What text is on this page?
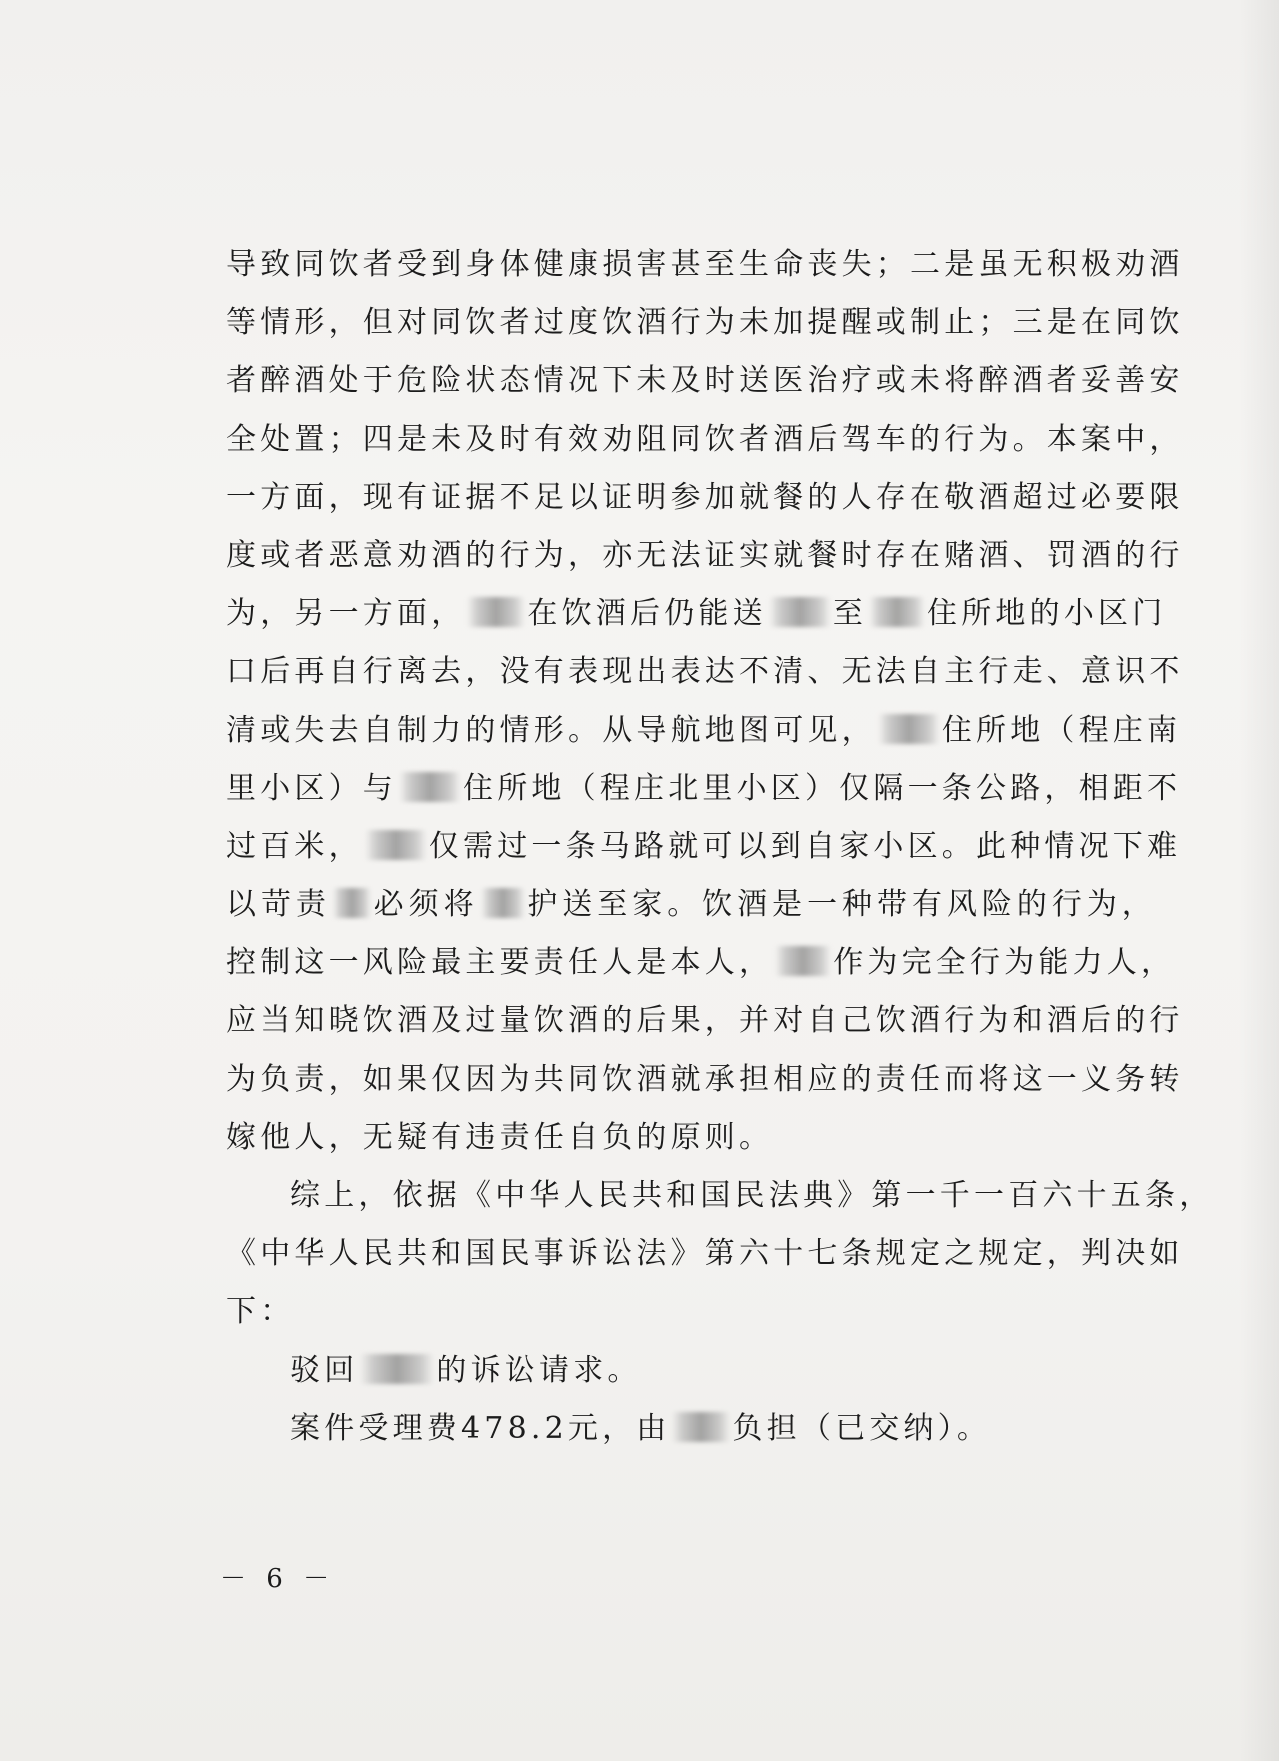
导致同饮者受到身体健康损害甚至生命丧失；二是虽无积极劝酒
等情形，但对同饮者过度饮酒行为未加提醒或制止；三是在同饮
者醉酒处于危险状态情况下未及时送医治疗或未将醉酒者妥善安
全处置；四是未及时有效劝阻同饮者酒后驾车的行为。本案中，
一方面，现有证据不足以证明参加就餐的人存在敬酒超过必要限
度或者恶意劝酒的行为，亦无法证实就餐时存在赌酒、罚酒的行
为，另一方面， 在饮酒后仍能送 至 住所地的小区门
口后再自行离去，没有表现出表达不清、无法自主行走、意识不
清或失去自制力的情形。从导航地图可见， 住所地（程庄南
里小区）与 住所地（程庄北里小区）仅隔一条公路，相距不
过百米， 仅需过一条马路就可以到自家小区。此种情况下难
以苛责 必须将 护送至家。饮酒是一种带有风险的行为，
控制这一风险最主要责任人是本人， 作为完全行为能力人，
应当知晓饮酒及过量饮酒的后果，并对自己饮酒行为和酒后的行
为负责，如果仅因为共同饮酒就承担相应的责任而将这一义务转
嫁他人，无疑有违责任自负的原则。
综上，依据《中华人民共和国民法典》第一千一百六十五条，
《中华人民共和国民事诉讼法》第六十七条规定之规定，判决如
下：
驳回	的诉讼请求。
案件受理费478.2元，由 负担（已交纳）。
－ 6 －
